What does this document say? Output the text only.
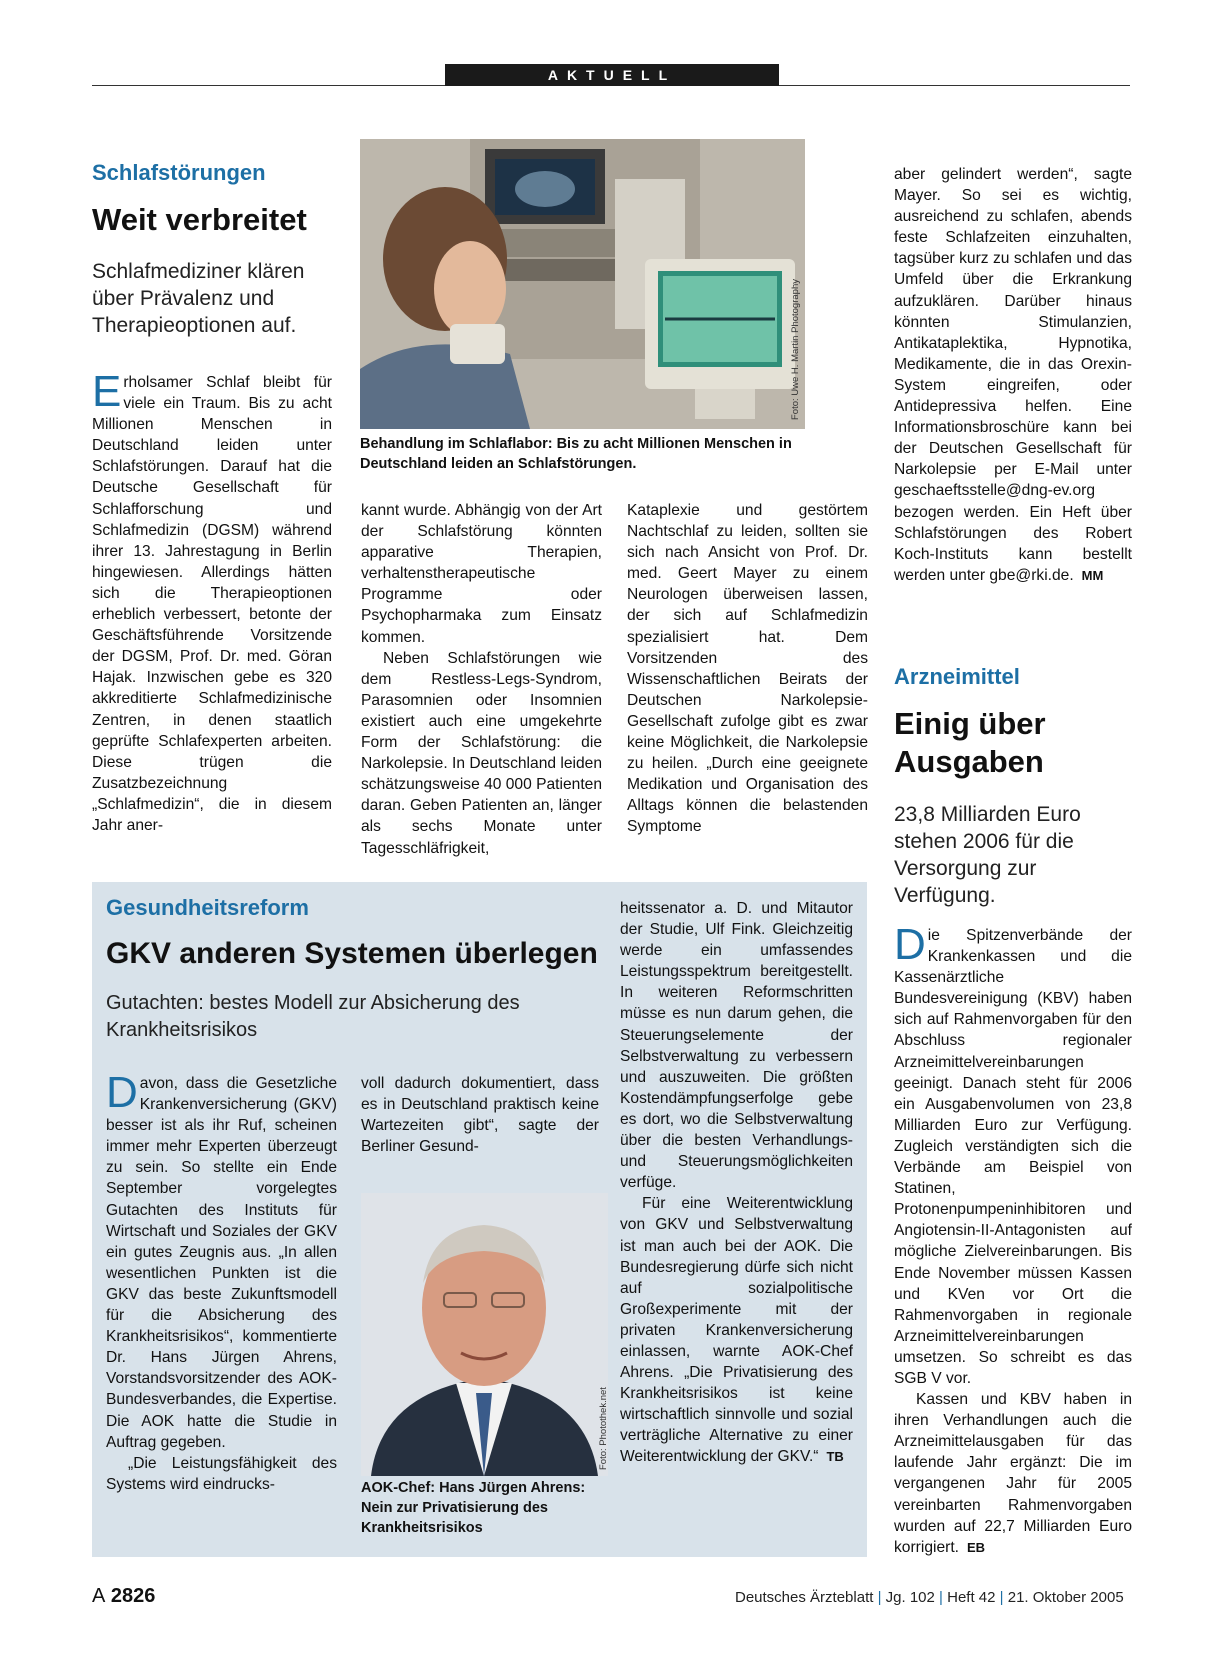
AKTUELL
Schlafstörungen
Weit verbreitet
Schlafmediziner klären über Prävalenz und Therapieoptionen auf.

Erholsamer Schlaf bleibt für viele ein Traum. Bis zu acht Millionen Menschen in Deutschland leiden unter Schlafstörungen. Darauf hat die Deutsche Gesellschaft für Schlafforschung und Schlafmedizin (DGSM) während ihrer 13. Jahrestagung in Berlin hingewiesen. Allerdings hätten sich die Therapieoptionen erheblich verbessert, betonte der Geschäftsführende Vorsitzende der DGSM, Prof. Dr. med. Göran Hajak. Inzwischen gebe es 320 akkreditierte Schlafmedizinische Zentren, in denen staatlich geprüfte Schlafexperten arbeiten. Diese trügen die Zusatzbezeichnung „Schlafmedizin“, die in diesem Jahr aner-

Foto: Uwe H. Martin Photography
Behandlung im Schlaflabor: Bis zu acht Millionen Menschen in Deutschland leiden an Schlafstörungen.

kannt wurde. Abhängig von der Art der Schlafstörung könnten apparative Therapien, verhaltenstherapeutische Programme oder Psychopharmaka zum Einsatz kommen.

Neben Schlafstörungen wie dem Restless-Legs-Syndrom, Parasomnien oder Insomnien existiert auch eine umgekehrte Form der Schlafstörung: die Narkolepsie. In Deutschland leiden schätzungsweise 40 000 Patienten daran. Geben Patienten an, länger als sechs Monate unter Tagesschläfrigkeit,

Kataplexie und gestörtem Nachtschlaf zu leiden, sollten sie sich nach Ansicht von Prof. Dr. med. Geert Mayer zu einem Neurologen überweisen lassen, der sich auf Schlafmedizin spezialisiert hat. Dem Vorsitzenden des Wissenschaftlichen Beirats der Deutschen Narkolepsie-Gesellschaft zufolge gibt es zwar keine Möglichkeit, die Narkolepsie zu heilen. „Durch eine geeignete Medikation und Organisation des Alltags können die belastenden Symptome

aber gelindert werden“, sagte Mayer. So sei es wichtig, ausreichend zu schlafen, abends feste Schlafzeiten einzuhalten, tagsüber kurz zu schlafen und das Umfeld über die Erkrankung aufzuklären. Darüber hinaus könnten Stimulanzien, Antikataplektika, Hypnotika, Medikamente, die in das Orexin-System eingreifen, oder Antidepressiva helfen. Eine Informationsbroschüre kann bei der Deutschen Gesellschaft für Narkolepsie per E-Mail unter geschaeftsstelle@dng-ev.org bezogen werden. Ein Heft über Schlafstörungen des Robert Koch-Instituts kann bestellt werden unter gbe@rki.de. MM

Arzneimittel
Einig über Ausgaben
23,8 Milliarden Euro stehen 2006 für die Versorgung zur Verfügung.

Die Spitzenverbände der Krankenkassen und die Kassenärztliche Bundesvereinigung (KBV) haben sich auf Rahmenvorgaben für den Abschluss regionaler Arzneimittelvereinbarungen geeinigt. Danach steht für 2006 ein Ausgabenvolumen von 23,8 Milliarden Euro zur Verfügung. Zugleich verständigten sich die Verbände am Beispiel von Statinen, Protonenpumpeninhibitoren und Angiotensin-II-Antagonisten auf mögliche Zielvereinbarungen. Bis Ende November müssen Kassen und KVen vor Ort die Rahmenvorgaben in regionale Arzneimittelvereinbarungen umsetzen. So schreibt es das SGB V vor.

Kassen und KBV haben in ihren Verhandlungen auch die Arzneimittelausgaben für das laufende Jahr ergänzt: Die im vergangenen Jahr für 2005 vereinbarten Rahmenvorgaben wurden auf 22,7 Milliarden Euro korrigiert. EB

Gesundheitsreform
GKV anderen Systemen überlegen
Gutachten: bestes Modell zur Absicherung des Krankheitsrisikos

Davon, dass die Gesetzliche Krankenversicherung (GKV) besser ist als ihr Ruf, scheinen immer mehr Experten überzeugt zu sein. So stellte ein Ende September vorgelegtes Gutachten des Instituts für Wirtschaft und Soziales der GKV ein gutes Zeugnis aus. „In allen wesentlichen Punkten ist die GKV das beste Zukunftsmodell für die Absicherung des Krankheitsrisikos“, kommentierte Dr. Hans Jürgen Ahrens, Vorstandsvorsitzender des AOK-Bundesverbandes, die Expertise. Die AOK hatte die Studie in Auftrag gegeben.

„Die Leistungsfähigkeit des Systems wird eindrucks-

voll dadurch dokumentiert, dass es in Deutschland praktisch keine Wartezeiten gibt“, sagte der Berliner Gesund-

Foto: Photothek.net
AOK-Chef: Hans Jürgen Ahrens: Nein zur Privatisierung des Krankheitsrisikos

heitssenator a. D. und Mitautor der Studie, Ulf Fink. Gleichzeitig werde ein umfassendes Leistungsspektrum bereitgestellt. In weiteren Reformschritten müsse es nun darum gehen, die Steuerungselemente der Selbstverwaltung zu verbessern und auszuweiten. Die größten Kostendämpfungserfolge gebe es dort, wo die Selbstverwaltung über die besten Verhandlungs- und Steuerungsmöglichkeiten verfüge.

Für eine Weiterentwicklung von GKV und Selbstverwaltung ist man auch bei der AOK. Die Bundesregierung dürfe sich nicht auf sozialpolitische Großexperimente mit der privaten Krankenversicherung einlassen, warnte AOK-Chef Ahrens. „Die Privatisierung des Krankheitsrisikos ist keine wirtschaftlich sinnvolle und sozial verträgliche Alternative zu einer Weiterentwicklung der GKV.“ TB

A 2826	Deutsches Ärzteblatt | Jg. 102 | Heft 42 | 21. Oktober 2005
